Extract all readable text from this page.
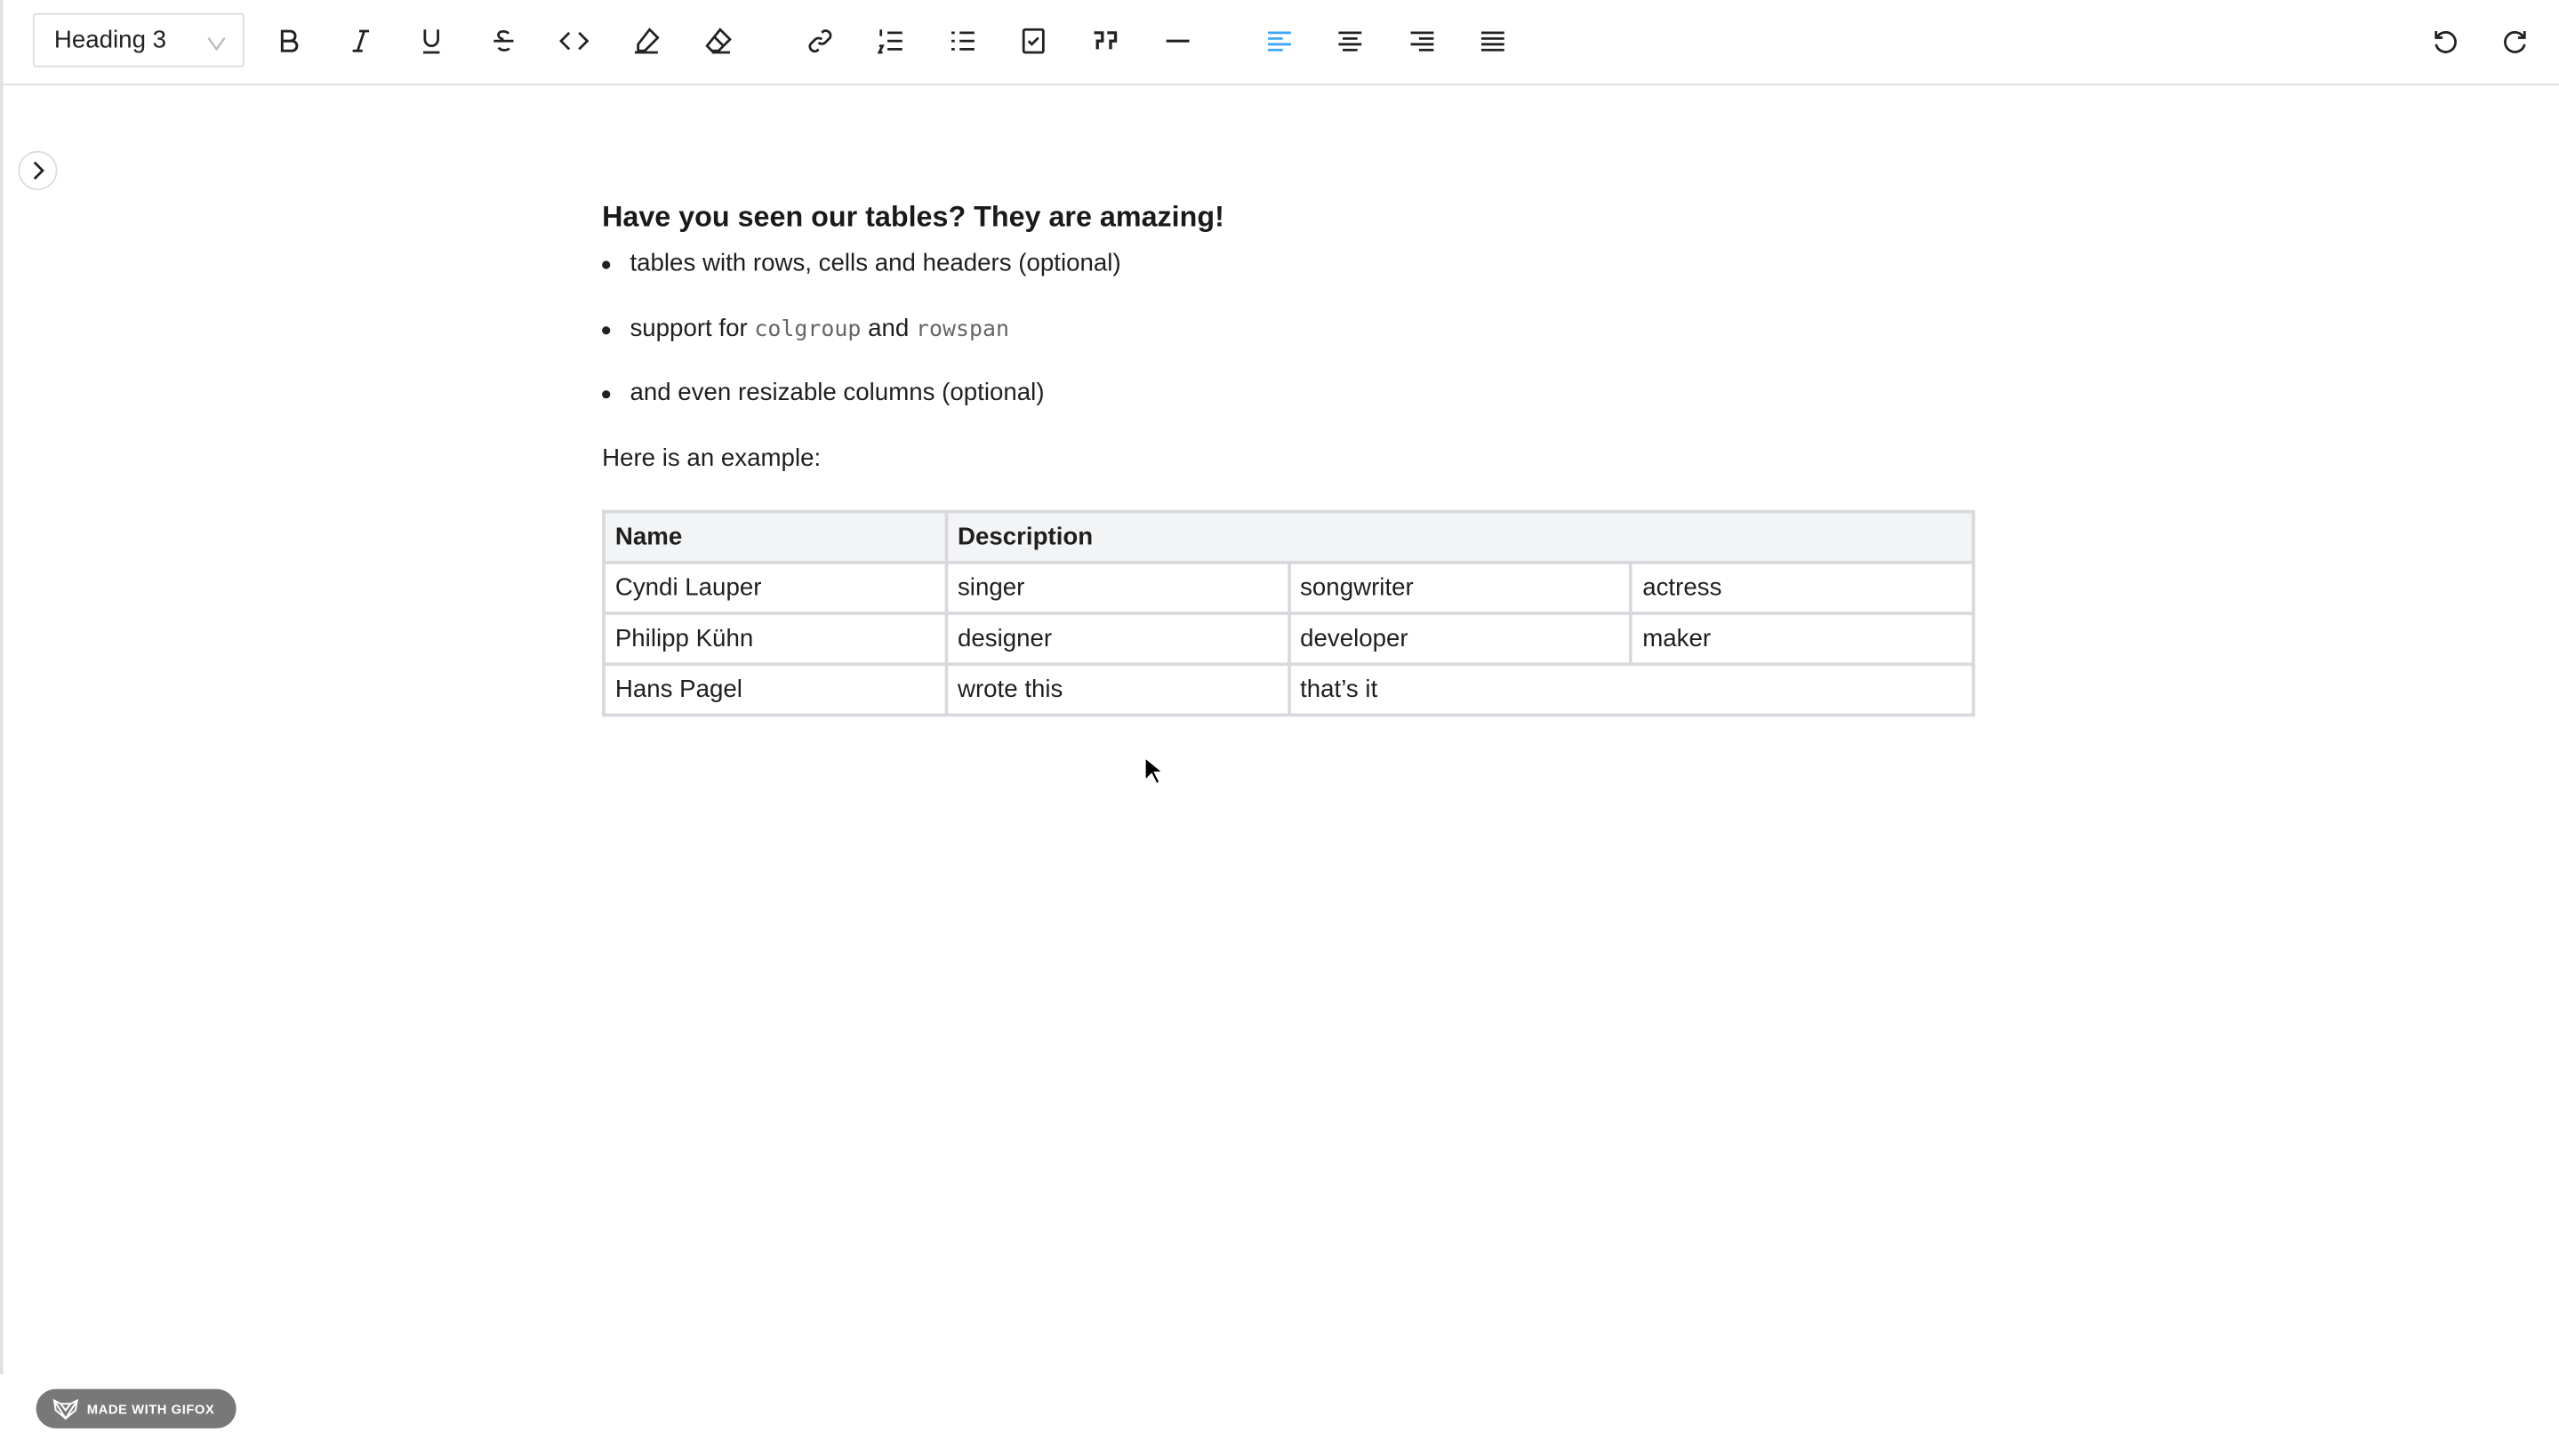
Heading 3
Have you seen our tables? They are amazing!
tables with rows, cells and headers (optional)
support for colgroup and rowspan
and even resizable columns (optional)

Here is an example:

Name	Description		
Cyndi Lauper	singer	songwriter	actress
Philipp Kühn	designer	developer	maker
Hans Pagel	wrote this	that’s it	
MADE WITH GIFOX
